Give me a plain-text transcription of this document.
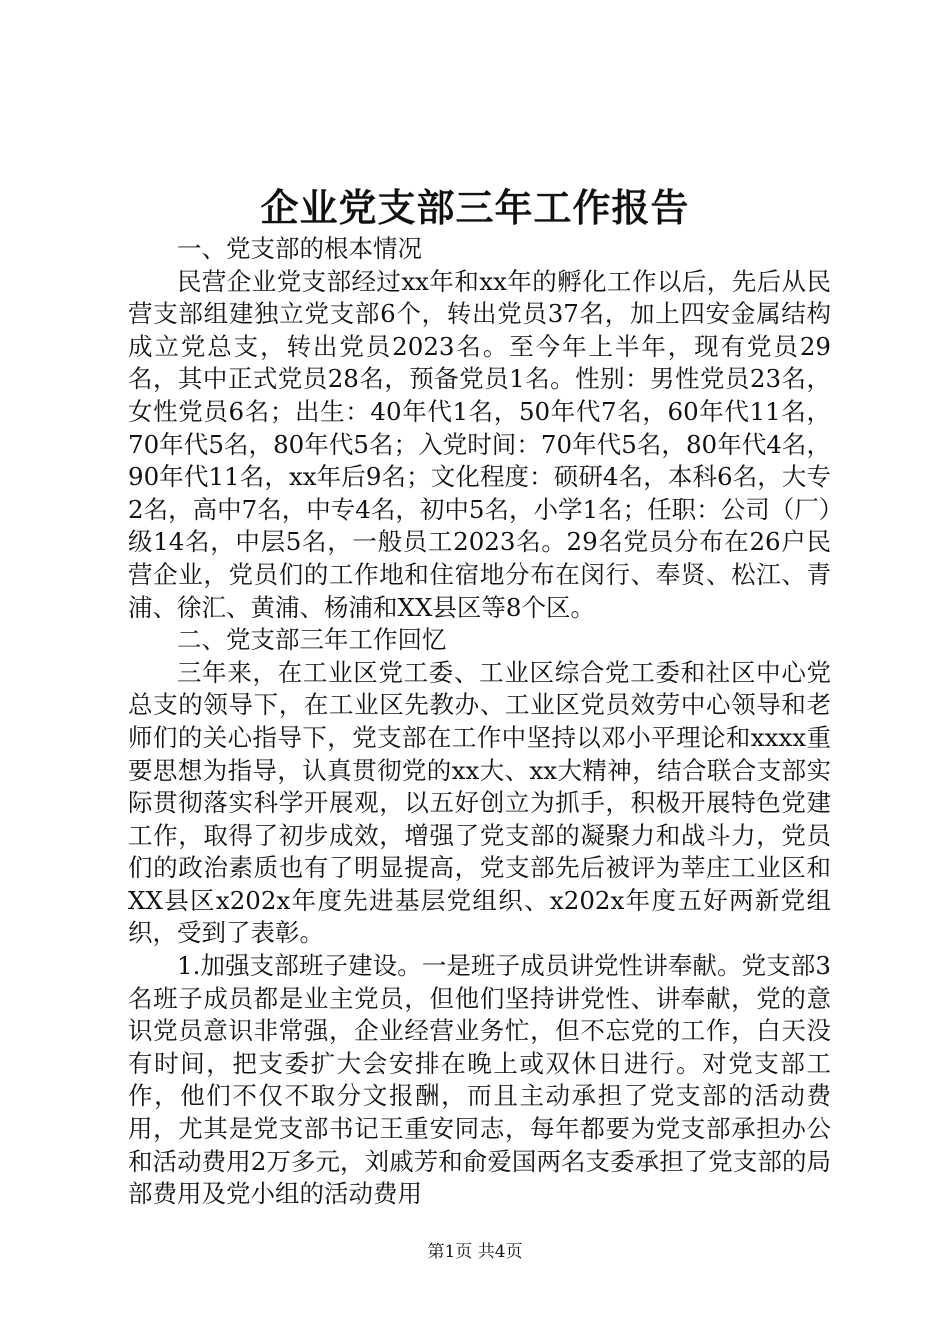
企业党支部三年工作报告

一、党支部的根本情况

民营企业党支部经过xx年和xx年的孵化工作以后，先后从民营支部组建独立党支部6个，转出党员37名，加上四安金属结构成立党总支，转出党员2023名。至今年上半年，现有党员29名，其中正式党员28名，预备党员1名。性别：男性党员23名，女性党员6名；出生：40年代1名，50年代7名，60年代11名，70年代5名，80年代5名；入党时间：70年代5名，80年代4名，90年代11名，xx年后9名；文化程度：硕研4名，本科6名，大专2名，高中7名，中专4名，初中5名，小学1名；任职：公司（厂）级14名，中层5名，一般员工2023名。29名党员分布在26户民营企业，党员们的工作地和住宿地分布在闵行、奉贤、松江、青浦、徐汇、黄浦、杨浦和XX县区等8个区。

二、党支部三年工作回忆

三年来，在工业区党工委、工业区综合党工委和社区中心党总支的领导下，在工业区先教办、工业区党员效劳中心领导和老师们的关心指导下，党支部在工作中坚持以邓小平理论和xxxx重要思想为指导，认真贯彻党的xx大、xx大精神，结合联合支部实际贯彻落实科学开展观，以五好创立为抓手，积极开展特色党建工作，取得了初步成效，增强了党支部的凝聚力和战斗力，党员们的政治素质也有了明显提高，党支部先后被评为莘庄工业区和XX县区x202x年度先进基层党组织、x202x年度五好两新党组织，受到了表彰。

1.加强支部班子建设。一是班子成员讲党性讲奉献。党支部3名班子成员都是业主党员，但他们坚持讲党性、讲奉献，党的意识党员意识非常强，企业经营业务忙，但不忘党的工作，白天没有时间，把支委扩大会安排在晚上或双休日进行。对党支部工作，他们不仅不取分文报酬，而且主动承担了党支部的活动费用，尤其是党支部书记王重安同志，每年都要为党支部承担办公和活动费用2万多元，刘戚芳和俞爱国两名支委承担了党支部的局部费用及党小组的活动费用

第1页 共4页
